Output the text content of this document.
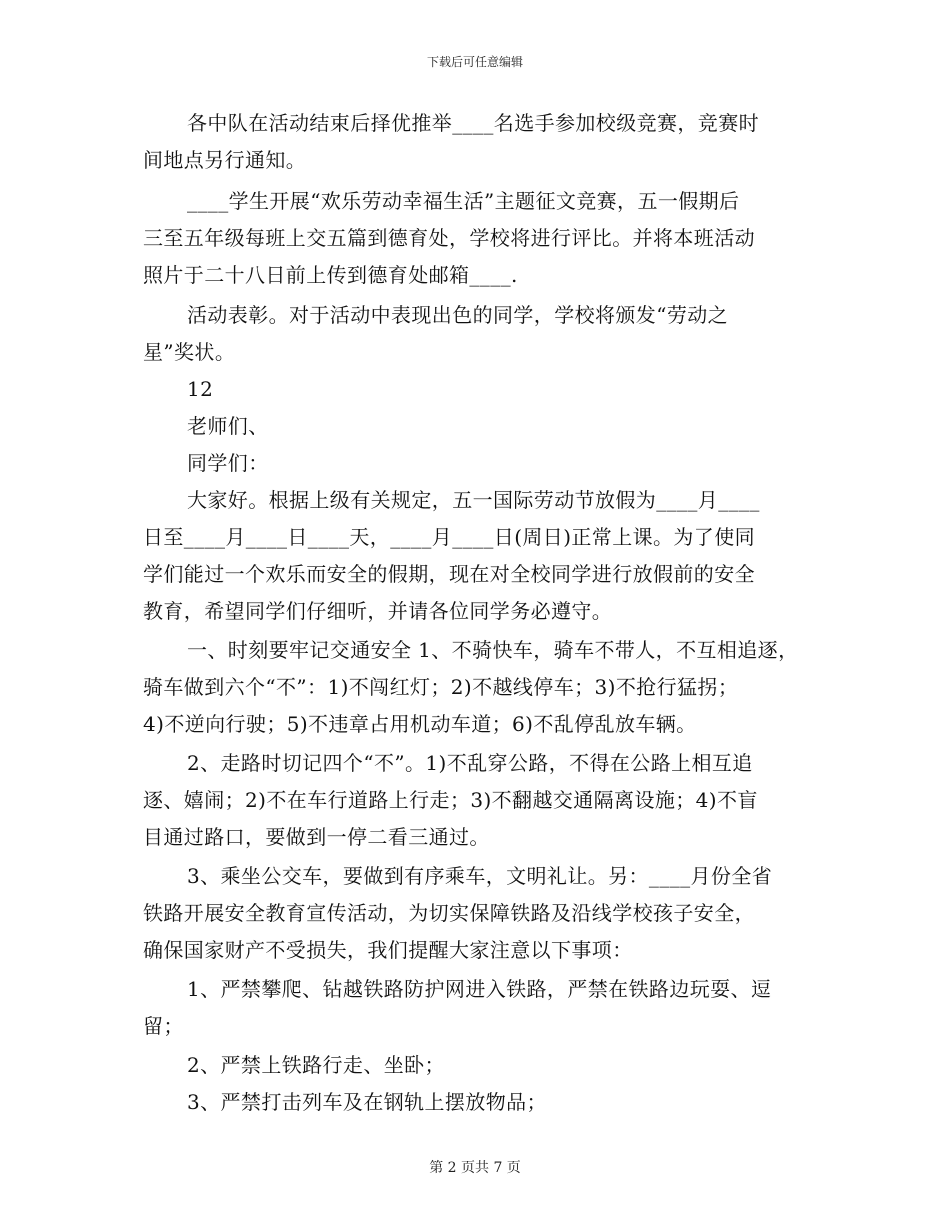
下载后可任意编辑
各中队在活动结束后择优推举____名选手参加校级竞赛，竞赛时
间地点另行通知。
____学生开展“欢乐劳动幸福生活”主题征文竞赛，五一假期后
三至五年级每班上交五篇到德育处，学校将进行评比。并将本班活动
照片于二十八日前上传到德育处邮箱____.
活动表彰。对于活动中表现出色的同学，学校将颁发“劳动之
星”奖状。
12
老师们、
同学们：
大家好。根据上级有关规定，五一国际劳动节放假为____月____
日至____月____日____天，____月____日(周日)正常上课。为了使同
学们能过一个欢乐而安全的假期，现在对全校同学进行放假前的安全
教育，希望同学们仔细听，并请各位同学务必遵守。
一、时刻要牢记交通安全 1、不骑快车，骑车不带人，不互相追逐，
骑车做到六个“不”：1)不闯红灯；2)不越线停车；3)不抢行猛拐；
4)不逆向行驶；5)不违章占用机动车道；6)不乱停乱放车辆。
2、走路时切记四个“不”。1)不乱穿公路，不得在公路上相互追
逐、嬉闹；2)不在车行道路上行走；3)不翻越交通隔离设施；4)不盲
目通过路口，要做到一停二看三通过。
3、乘坐公交车，要做到有序乘车，文明礼让。另：____月份全省
铁路开展安全教育宣传活动，为切实保障铁路及沿线学校孩子安全，
确保国家财产不受损失，我们提醒大家注意以下事项：
1、严禁攀爬、钻越铁路防护网进入铁路，严禁在铁路边玩耍、逗
留；
2、严禁上铁路行走、坐卧；
3、严禁打击列车及在钢轨上摆放物品；
第 2 页共 7 页
